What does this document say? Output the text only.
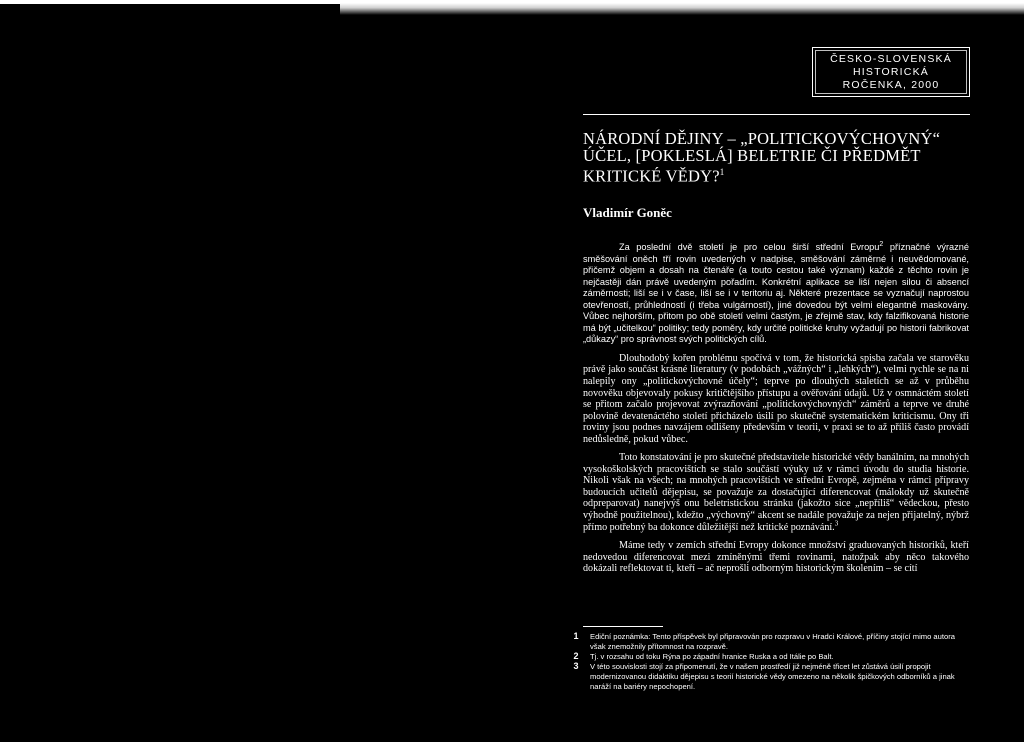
ČESKO-SLOVENSKÁ
HISTORICKÁ
ROČENKA, 2000
NÁRODNÍ DĚJINY – „POLITICKOVÝCHOVNÝ“
ÚČEL, [POKLESLÁ] BELETRIE ČI PŘEDMĚT
KRITICKÉ VĚDY?$^1$

Vladimír Goněc

Za poslední dvě století je pro celou širší střední Evropu$^2$ příznačné výrazné směšování oněch tří rovin uvedených v nadpise, směšování záměrné i neuvědomované, přičemž objem a dosah na čtenáře (a touto cestou také význam) každé z těchto rovin je nejčastěji dán právě uvedeným pořadím. Konkrétní aplikace se liší nejen silou či absencí záměrnosti; liší se i v čase, liší se i v teritoriu aj. Některé prezentace se vyznačují naprostou otevřeností, průhledností (i třeba vulgárností), jiné dovedou být velmi elegantně maskovány. Vůbec nejhorším, přitom po obě století velmi častým, je zřejmě stav, kdy falzifikovaná historie má být „učitelkou“ politiky; tedy poměry, kdy určité politické kruhy vyžadují po historii fabrikovat „důkazy“ pro správnost svých politických cílů.

Dlouhodobý kořen problému spočívá v tom, že historická spisba začala ve starověku právě jako součást krásné literatury (v podobách „vážných“ i „lehkých“), velmi rychle se na ni nalepily ony „politickovýchovné účely“; teprve po dlouhých staletích se až v průběhu novověku objevovaly pokusy kritičtějšího přístupu a ověřování údajů. Už v osmnáctém století se přitom začalo projevovat zvýrazňování „politickovýchovných“ záměrů a teprve ve druhé polovině devatenáctého století přicházelo úsilí po skutečně systematickém kriticismu. Ony tři roviny jsou podnes navzájem odlišeny především v teorii, v praxi se to až příliš často provádí nedůsledně, pokud vůbec.

Toto konstatování je pro skutečné představitele historické vědy banálním, na mnohých vysokoškolských pracovištích se stalo součástí výuky už v rámci úvodu do studia historie. Nikoli však na všech; na mnohých pracovištích ve střední Evropě, zejména v rámci přípravy budoucích učitelů dějepisu, se považuje za dostačující diferencovat (málokdy už skutečně odpreparovat) nanejvýš onu beletristickou stránku (jakožto sice „nepříliš“ vědeckou, přesto výhodně použitelnou), kdežto „výchovný“ akcent se nadále považuje za nejen přijatelný, nýbrž přímo potřebný ba dokonce důležitější než kritické poznávání.$^3$

Máme tedy v zemích střední Evropy dokonce množství graduovaných historiků, kteří nedovedou diferencovat mezi zmíněnými třemi rovinami, natožpak aby něco takového dokázali reflektovat ti, kteří – ač neprošli odborným historickým školením – se cítí

1	Ediční poznámka: Tento příspěvek byl připravován pro rozpravu v Hradci Králové, příčiny stojící mimo autora však znemožnily přítomnost na rozpravě.
2	Tj. v rozsahu od toku Rýna po západní hranice Ruska a od Itálie po Balt.
3	V této souvislosti stojí za připomenutí, že v našem prostředí již nejméně třicet let zůstává úsilí propojit modernizovanou didaktiku dějepisu s teorií historické vědy omezeno na několik špičkových odborníků a jinak naráží na bariéry nepochopení.
